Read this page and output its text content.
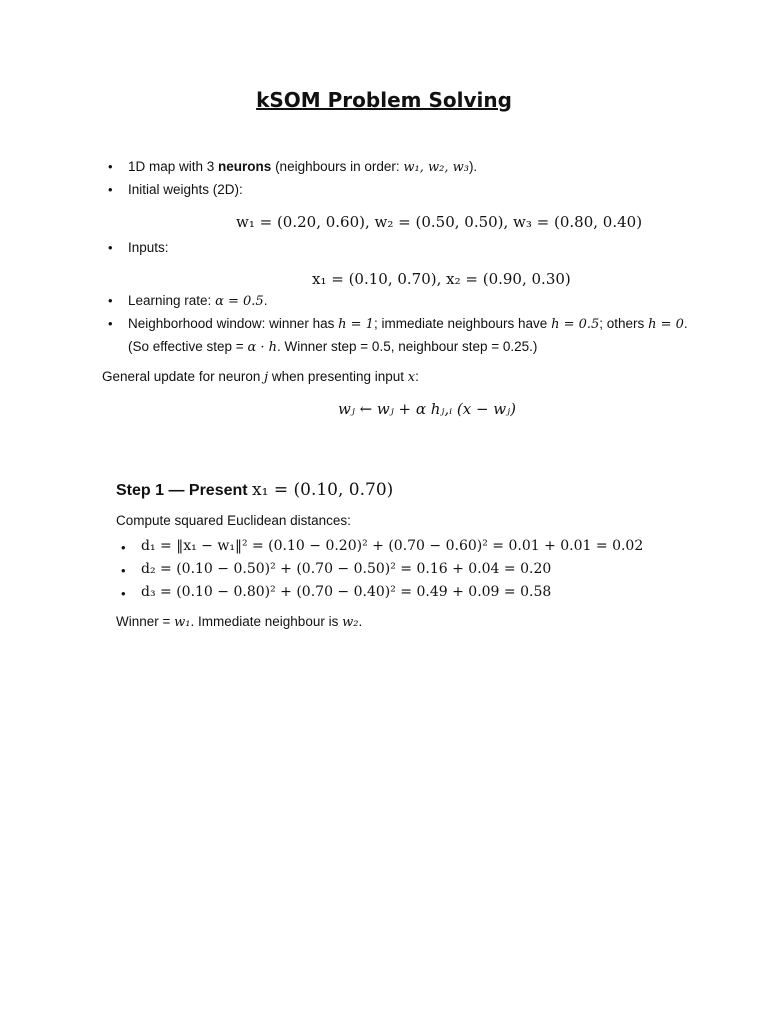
kSOM Problem Solving
• 1D map with 3 neurons (neighbours in order: w₁, w₂, w₃).
• Initial weights (2D):
w₁ = (0.20, 0.60), w₂ = (0.50, 0.50), w₃ = (0.80, 0.40)
• Inputs:
x₁ = (0.10, 0.70), x₂ = (0.90, 0.30)
• Learning rate: α = 0.5.
• Neighborhood window: winner has h = 1; immediate neighbours have h = 0.5; others h = 0.
(So effective step = α · h. Winner step = 0.5, neighbour step = 0.25.)
General update for neuron j when presenting input x:
wⱼ ← wⱼ + α hⱼ,ᵢ (x − wⱼ)
Step 1 — Present x₁ = (0.10, 0.70)
Compute squared Euclidean distances:
• d₁ = ‖x₁ − w₁‖² = (0.10 − 0.20)² + (0.70 − 0.60)² = 0.01 + 0.01 = 0.02
• d₂ = (0.10 − 0.50)² + (0.70 − 0.50)² = 0.16 + 0.04 = 0.20
• d₃ = (0.10 − 0.80)² + (0.70 − 0.40)² = 0.49 + 0.09 = 0.58
Winner = w₁. Immediate neighbour is w₂.
